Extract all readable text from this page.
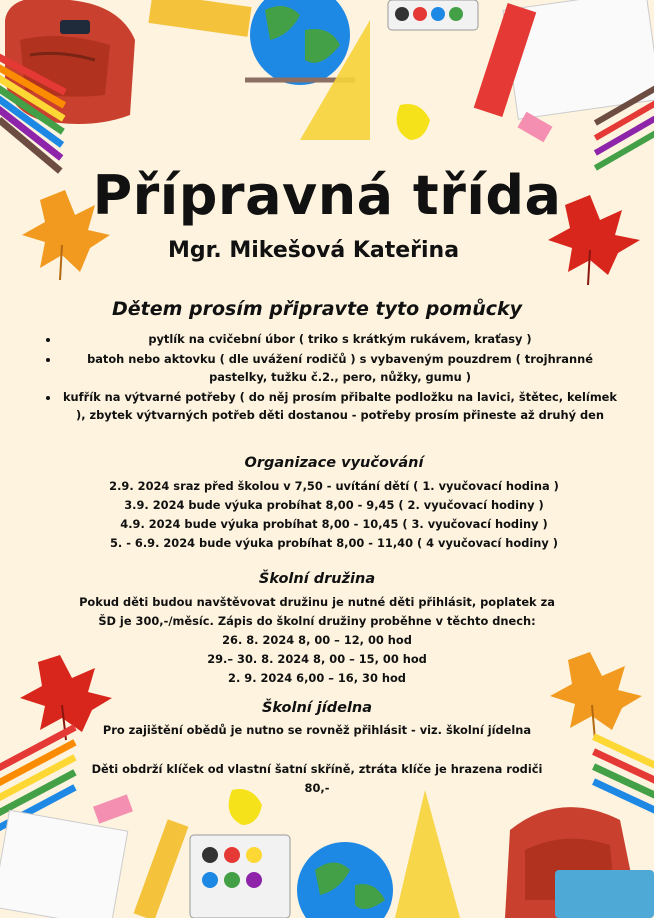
Přípravná třída
Mgr. Mikešová Kateřina
Dětem prosím připravte tyto pomůcky
• pytlík na cvičební úbor ( triko s krátkým rukávem, kraťasy )
• batoh nebo aktovku ( dle uvážení rodičů ) s vybaveným pouzdrem ( trojhranné pastelky, tužku č.2., pero, nůžky, gumu )
• kufřík na výtvarné potřeby ( do něj prosím přibalte podložku na lavici, štětec, kelímek ), zbytek výtvarných potřeb děti dostanou - potřeby prosím přineste až druhý den
Organizace vyučování
2.9. 2024 sraz před školou v 7,50 - uvítání dětí ( 1. vyučovací hodina )
3.9. 2024 bude výuka probíhat 8,00 - 9,45 ( 2. vyučovací hodiny )
4.9. 2024 bude výuka probíhat 8,00 - 10,45 ( 3. vyučovací hodiny )
5. - 6.9. 2024 bude výuka probíhat 8,00 - 11,40 ( 4 vyučovací hodiny )
Školní družina
Pokud děti budou navštěvovat družinu je nutné děti přihlásit, poplatek za
ŠD je 300,-/měsíc. Zápis do školní družiny proběhne v těchto dnech:
26. 8. 2024 8, 00 – 12, 00 hod
29.– 30. 8. 2024 8, 00 – 15, 00 hod
2. 9. 2024 6,00 – 16, 30 hod
Školní jídelna
Pro zajištění obědů je nutno se rovněž přihlásit - viz. školní jídelna
Děti obdrží klíček od vlastní šatní skříně, ztráta klíče je hrazena rodiči
80,-
